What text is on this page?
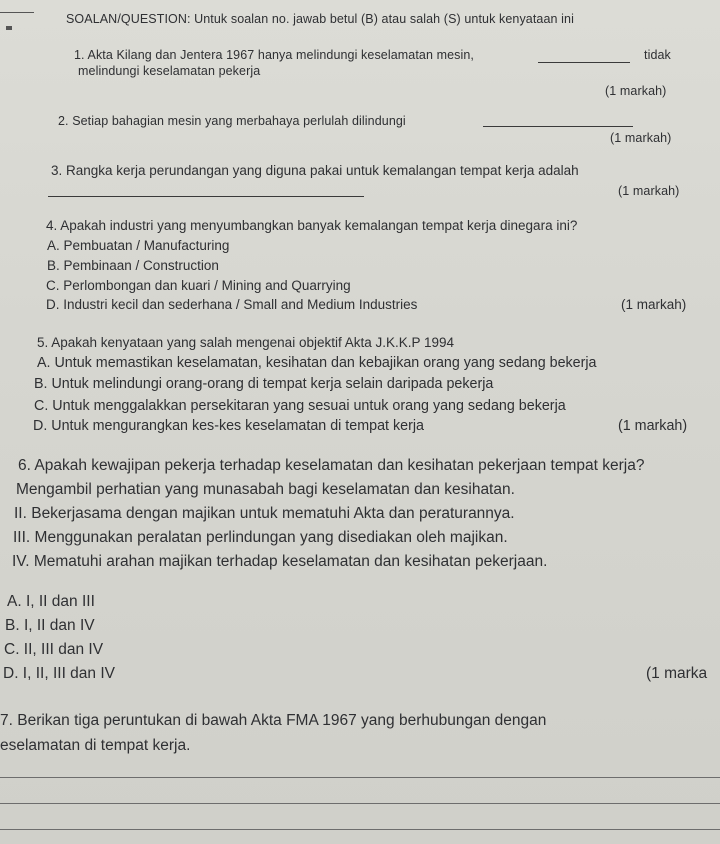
SOALAN/QUESTION: Untuk soalan no. jawab betul (B) atau salah (S) untuk kenyataan ini
1. Akta Kilang dan Jentera 1967 hanya melindungi keselamatan mesin,	tidak
melindungi keselamatan pekerja
(1 markah)
2. Setiap bahagian mesin yang merbahaya perlulah dilindungi
(1 markah)
3. Rangka kerja perundangan yang diguna pakai untuk kemalangan tempat kerja adalah
(1 markah)
4. Apakah industri yang menyumbangkan banyak kemalangan tempat kerja dinegara ini?
A. Pembuatan / Manufacturing
B. Pembinaan / Construction
C. Perlombongan dan kuari / Mining and Quarrying
D. Industri kecil dan sederhana / Small and Medium Industries	(1 markah)
5. Apakah kenyataan yang salah mengenai objektif Akta J.K.K.P 1994
A. Untuk memastikan keselamatan, kesihatan dan kebajikan orang yang sedang bekerja
B. Untuk melindungi orang-orang di tempat kerja selain daripada pekerja
C. Untuk menggalakkan persekitaran yang sesuai untuk orang yang sedang bekerja
D. Untuk mengurangkan kes-kes keselamatan di tempat kerja	(1 markah)
6. Apakah kewajipan pekerja terhadap keselamatan dan kesihatan pekerjaan tempat kerja?
Mengambil perhatian yang munasabah bagi keselamatan dan kesihatan.
II. Bekerjasama dengan majikan untuk mematuhi Akta dan peraturannya.
III. Menggunakan peralatan perlindungan yang disediakan oleh majikan.
IV. Mematuhi arahan majikan terhadap keselamatan dan kesihatan pekerjaan.
A. I, II dan III
B. I, II dan IV
C. II, III dan IV
D. I, II, III dan IV	(1 marka
7. Berikan tiga peruntukan di bawah Akta FMA 1967 yang berhubungan dengan
eselamatan di tempat kerja.
